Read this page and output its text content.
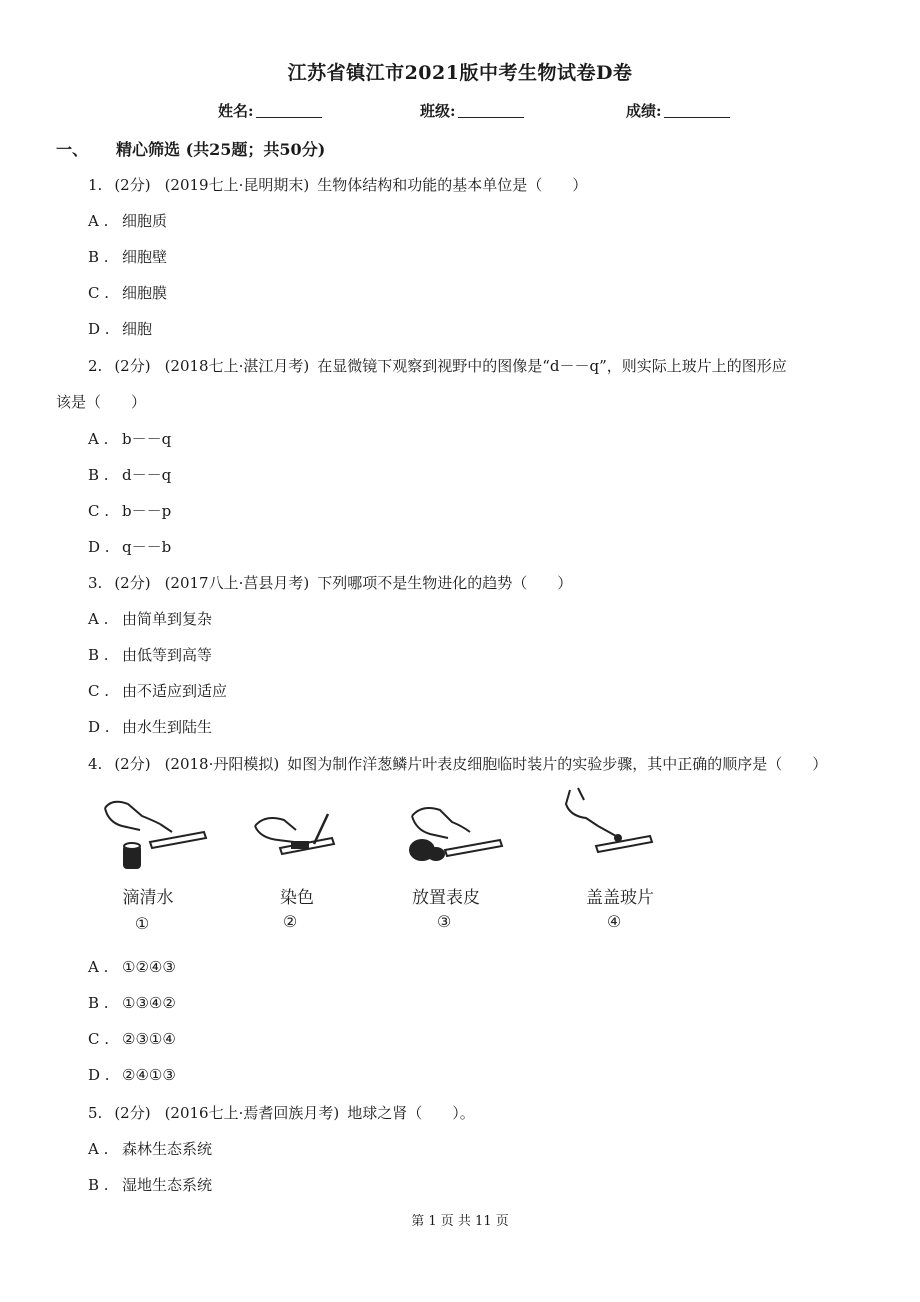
江苏省镇江市2021版中考生物试卷D卷
姓名:	班级:	成绩:
一、 精心筛选 (共25题；共50分)
1. (2分) (2019七上·昆明期末) 生物体结构和功能的基本单位是（　　）
A . 细胞质
B . 细胞壁
C . 细胞膜
D . 细胞
2. (2分) (2018七上·湛江月考) 在显微镜下观察到视野中的图像是“d－－q”，则实际上玻片上的图形应
该是（　　）
A . b－－q
B . d－－q
C . b－－p
D . q－－b
3. (2分) (2017八上·莒县月考) 下列哪项不是生物进化的趋势（　　）
A . 由简单到复杂
B . 由低等到高等
C . 由不适应到适应
D . 由水生到陆生
4. (2分) (2018·丹阳模拟) 如图为制作洋葱鳞片叶表皮细胞临时装片的实验步骤，其中正确的顺序是（　　）
滴清水
①
染色
②
放置表皮
③
盖盖玻片
④
A . ①②④③
B . ①③④②
C . ②③①④
D . ②④①③
5. (2分) (2016七上·焉耆回族月考) 地球之肾（　　）。
A . 森林生态系统
B . 湿地生态系统
第 1 页 共 11 页
